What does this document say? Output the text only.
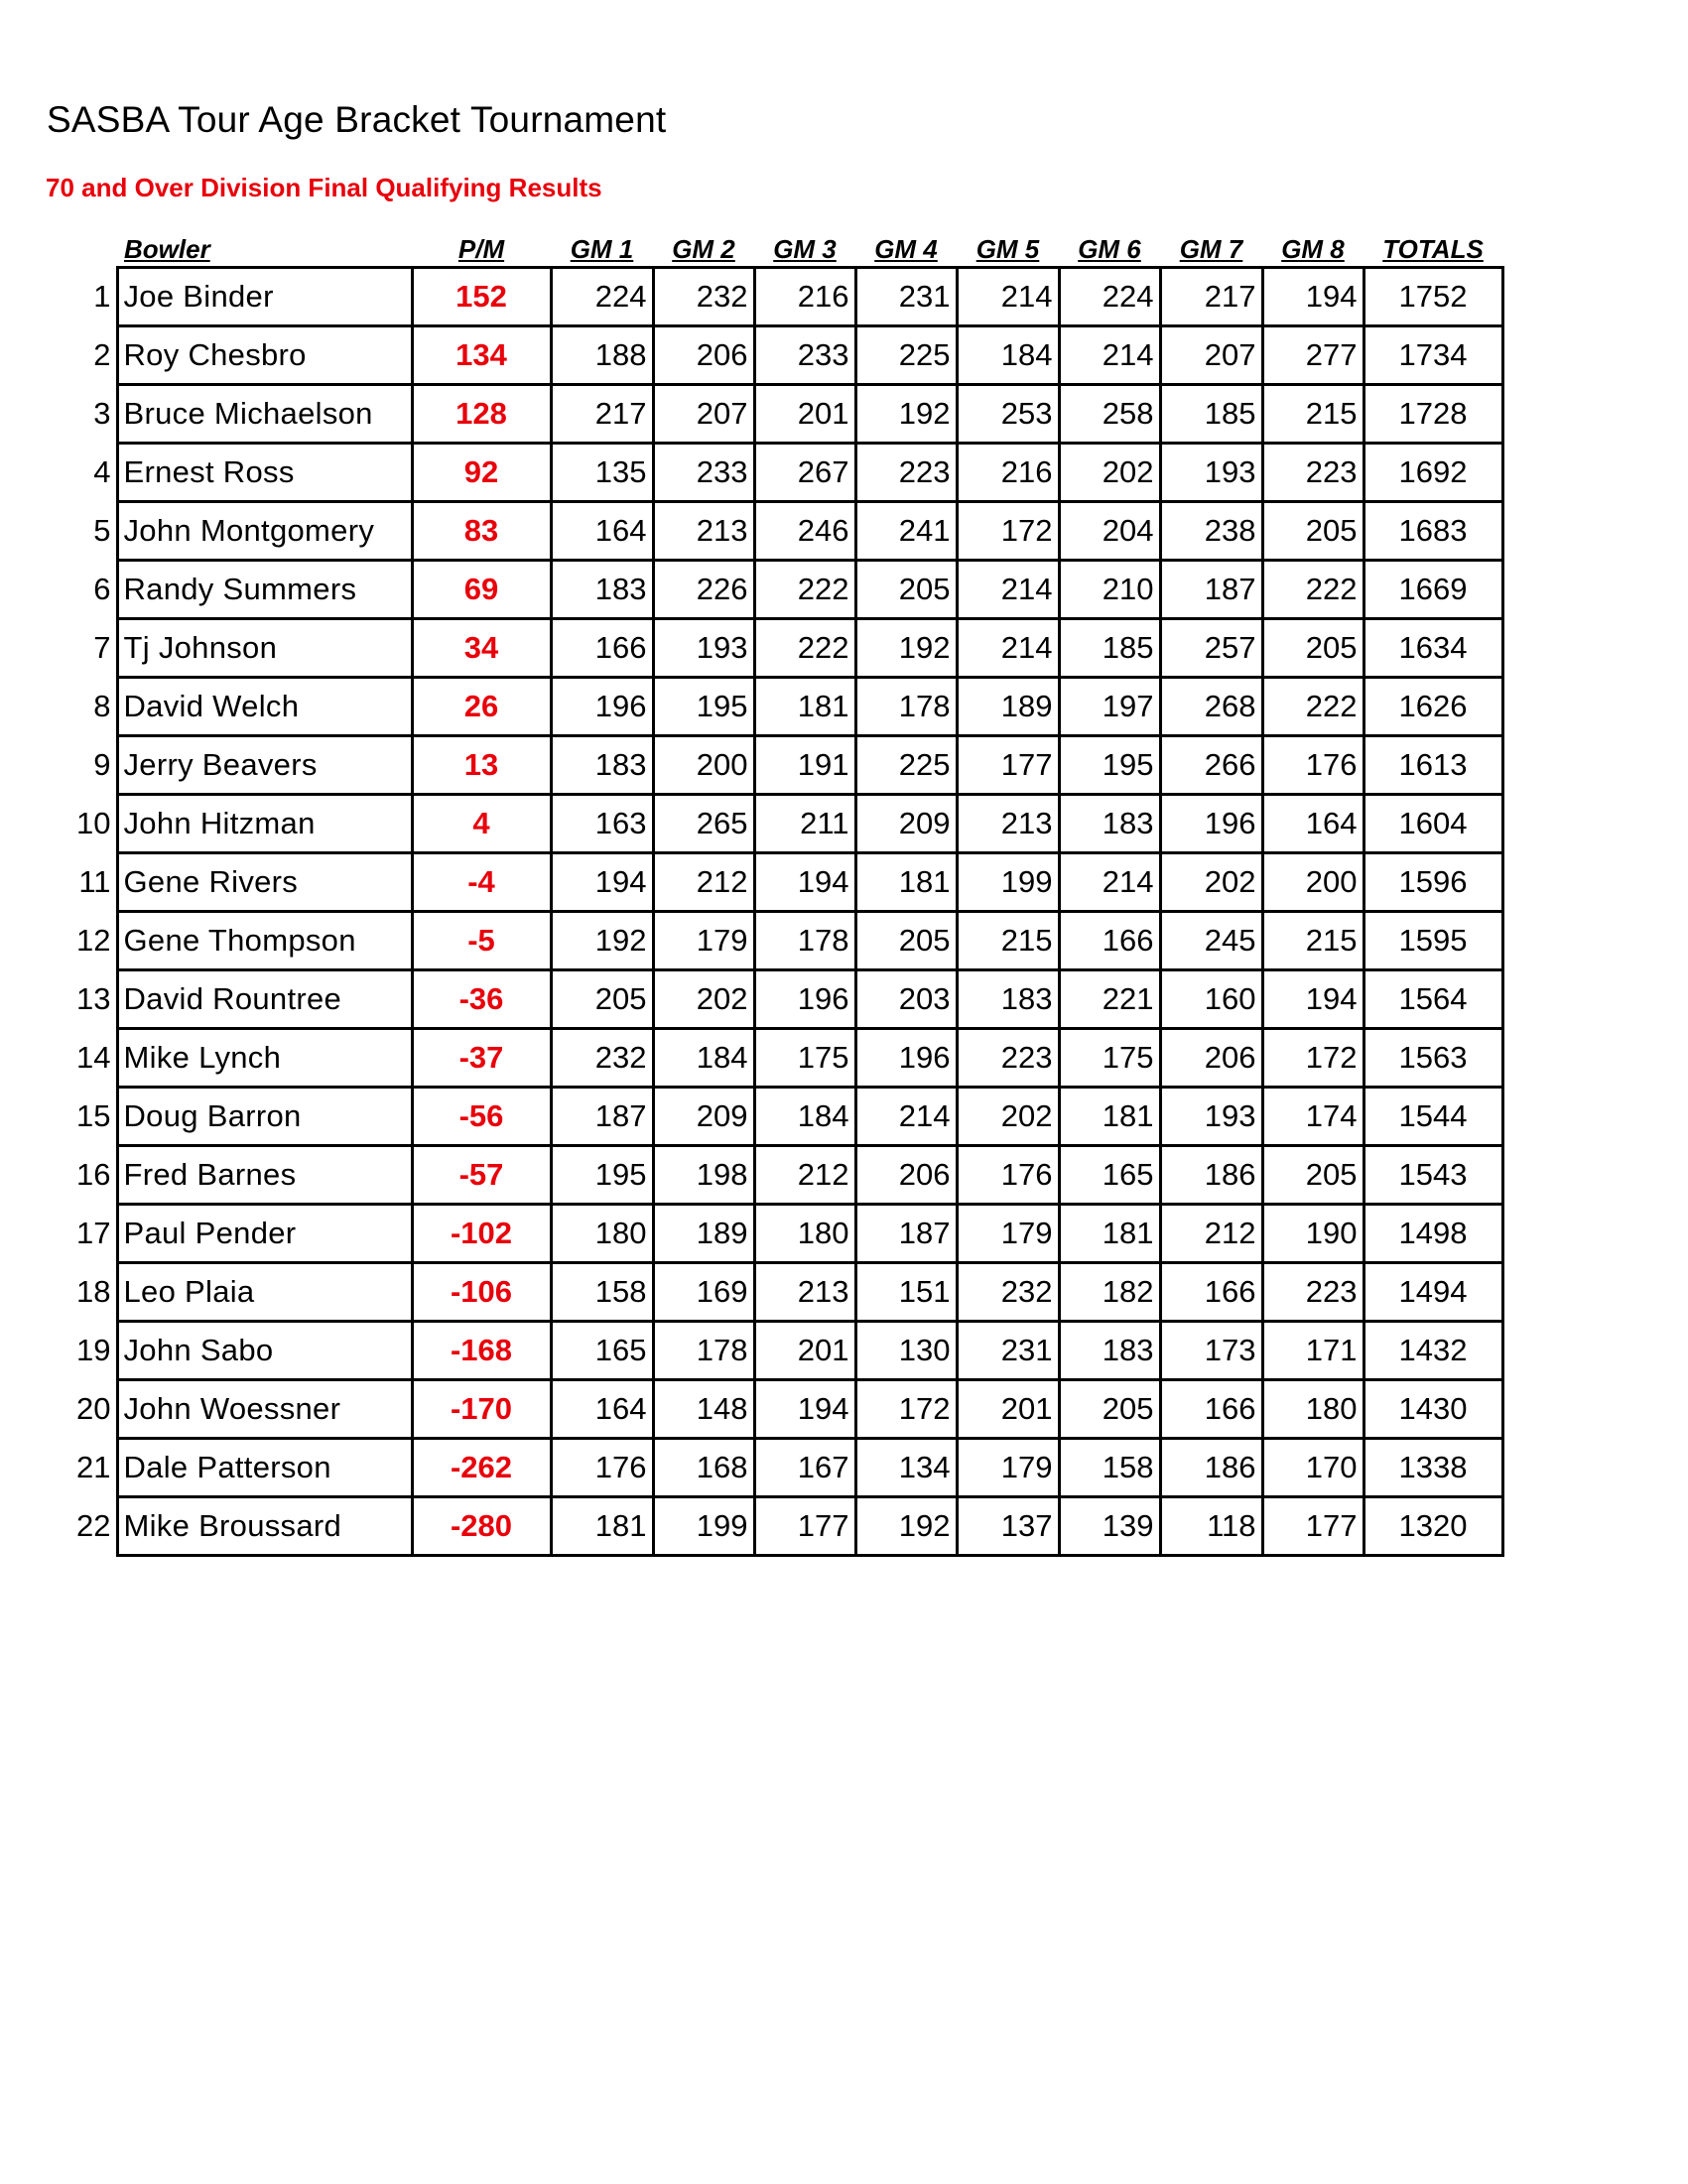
SASBA Tour Age Bracket Tournament
70 and Over Division Final Qualifying Results
	Bowler	P/M	GM 1	GM 2	GM 3	GM 4	GM 5	GM 6	GM 7	GM 8	TOTALS
1	Joe Binder	152	224	232	216	231	214	224	217	194	1752
2	Roy Chesbro	134	188	206	233	225	184	214	207	277	1734
3	Bruce Michaelson	128	217	207	201	192	253	258	185	215	1728
4	Ernest Ross	92	135	233	267	223	216	202	193	223	1692
5	John Montgomery	83	164	213	246	241	172	204	238	205	1683
6	Randy Summers	69	183	226	222	205	214	210	187	222	1669
7	Tj Johnson	34	166	193	222	192	214	185	257	205	1634
8	David Welch	26	196	195	181	178	189	197	268	222	1626
9	Jerry Beavers	13	183	200	191	225	177	195	266	176	1613
10	John Hitzman	4	163	265	211	209	213	183	196	164	1604
11	Gene Rivers	-4	194	212	194	181	199	214	202	200	1596
12	Gene Thompson	-5	192	179	178	205	215	166	245	215	1595
13	David Rountree	-36	205	202	196	203	183	221	160	194	1564
14	Mike Lynch	-37	232	184	175	196	223	175	206	172	1563
15	Doug Barron	-56	187	209	184	214	202	181	193	174	1544
16	Fred Barnes	-57	195	198	212	206	176	165	186	205	1543
17	Paul Pender	-102	180	189	180	187	179	181	212	190	1498
18	Leo Plaia	-106	158	169	213	151	232	182	166	223	1494
19	John Sabo	-168	165	178	201	130	231	183	173	171	1432
20	John Woessner	-170	164	148	194	172	201	205	166	180	1430
21	Dale Patterson	-262	176	168	167	134	179	158	186	170	1338
22	Mike Broussard	-280	181	199	177	192	137	139	118	177	1320
